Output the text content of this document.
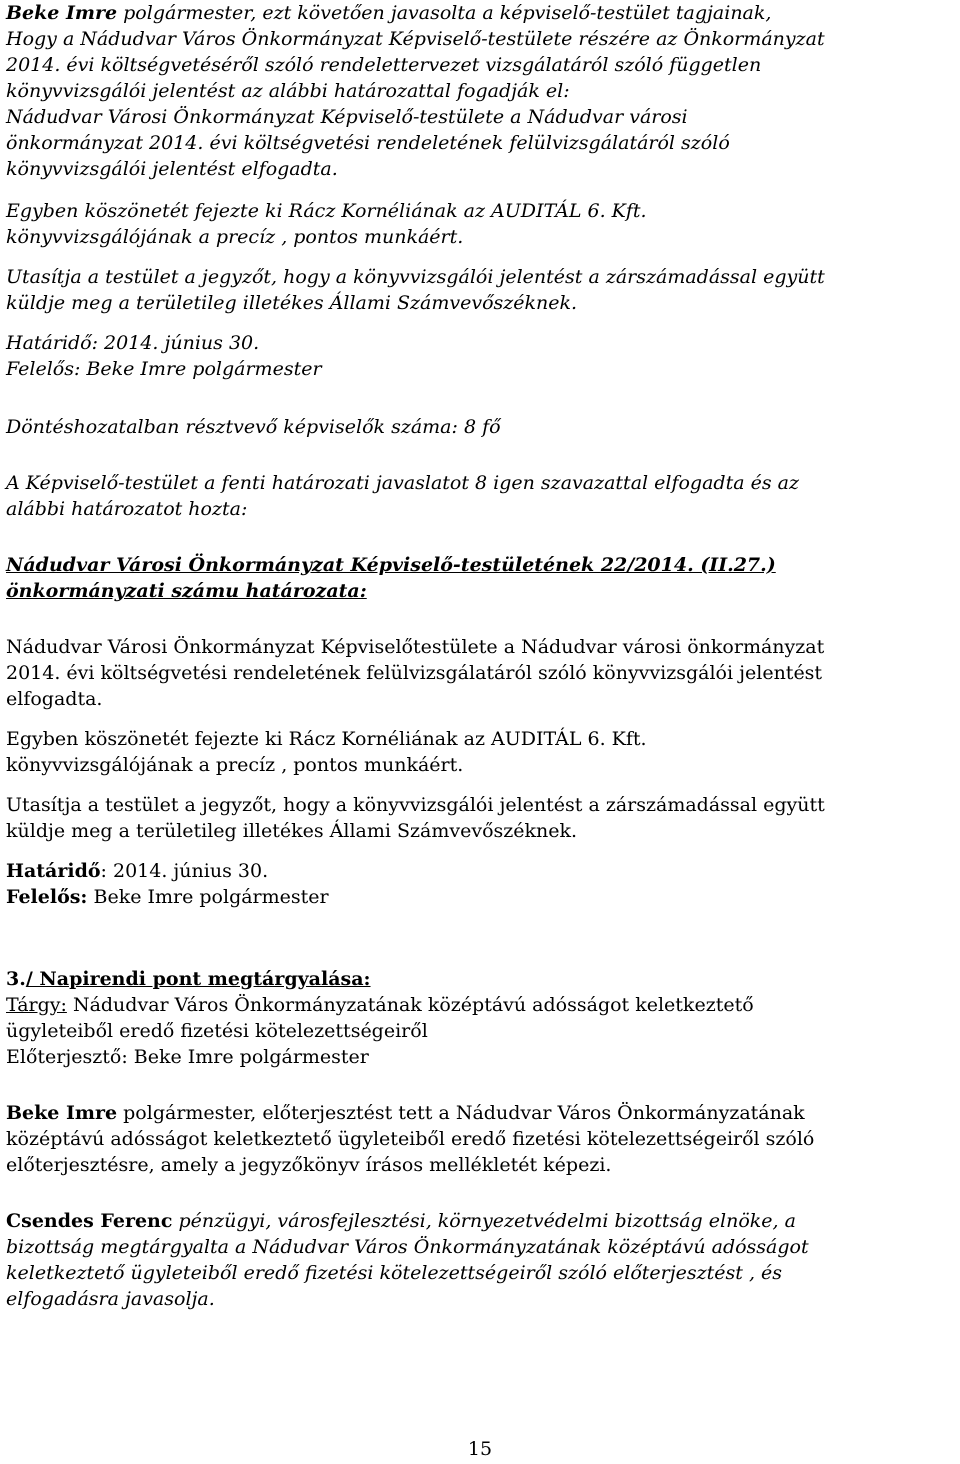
Beke Imre polgármester, ezt követően javasolta a képviselő-testület tagjainak,
Hogy a Nádudvar Város Önkormányzat Képviselő-testülete részére az Önkormányzat
2014. évi költségvetéséről szóló rendelettervezet vizsgálatáról szóló független
könyvvizsgálói jelentést az alábbi határozattal fogadják el:
Nádudvar Városi Önkormányzat Képviselő-testülete a Nádudvar városi
önkormányzat 2014. évi költségvetési rendeletének felülvizsgálatáról szóló
könyvvizsgálói jelentést elfogadta.
Egyben köszönetét fejezte ki Rácz Kornéliának az AUDITÁL 6. Kft.
könyvvizsgálójának a precíz , pontos munkáért.
Utasítja a testület a jegyzőt, hogy a könyvvizsgálói jelentést a zárszámadással együtt
küldje meg a területileg illetékes Állami Számvevőszéknek.
Határidő: 2014. június 30.
Felelős: Beke Imre polgármester
Döntéshozatalban résztvevő képviselők száma: 8 fő
A Képviselő-testület a fenti határozati javaslatot 8 igen szavazattal elfogadta és az
alábbi határozatot hozta:
Nádudvar Városi Önkormányzat Képviselő-testületének 22/2014. (II.27.)
önkormányzati számu határozata:
Nádudvar Városi Önkormányzat Képviselőtestülete a Nádudvar városi önkormányzat
2014. évi költségvetési rendeletének felülvizsgálatáról szóló könyvvizsgálói jelentést
elfogadta.
Egyben köszönetét fejezte ki Rácz Kornéliának az AUDITÁL 6. Kft.
könyvvizsgálójának a precíz , pontos munkáért.
Utasítja a testület a jegyzőt, hogy a könyvvizsgálói jelentést a zárszámadással együtt
küldje meg a területileg illetékes Állami Számvevőszéknek.
Határidő: 2014. június 30.
Felelős: Beke Imre polgármester
3./ Napirendi pont megtárgyalása:
Tárgy: Nádudvar Város Önkormányzatának középtávú adósságot keletkeztető
ügyleteiből eredő fizetési kötelezettségeiről
Előterjesztő: Beke Imre polgármester
Beke Imre polgármester, előterjesztést tett a Nádudvar Város Önkormányzatának
középtávú adósságot keletkeztető ügyleteiből eredő fizetési kötelezettségeiről szóló
előterjesztésre, amely a jegyzőkönyv írásos mellékletét képezi.
Csendes Ferenc pénzügyi, városfejlesztési, környezetvédelmi bizottság elnöke, a
bizottság megtárgyalta a Nádudvar Város Önkormányzatának középtávú adósságot
keletkeztető ügyleteiből eredő fizetési kötelezettségeiről szóló előterjesztést , és
elfogadásra javasolja.
15
